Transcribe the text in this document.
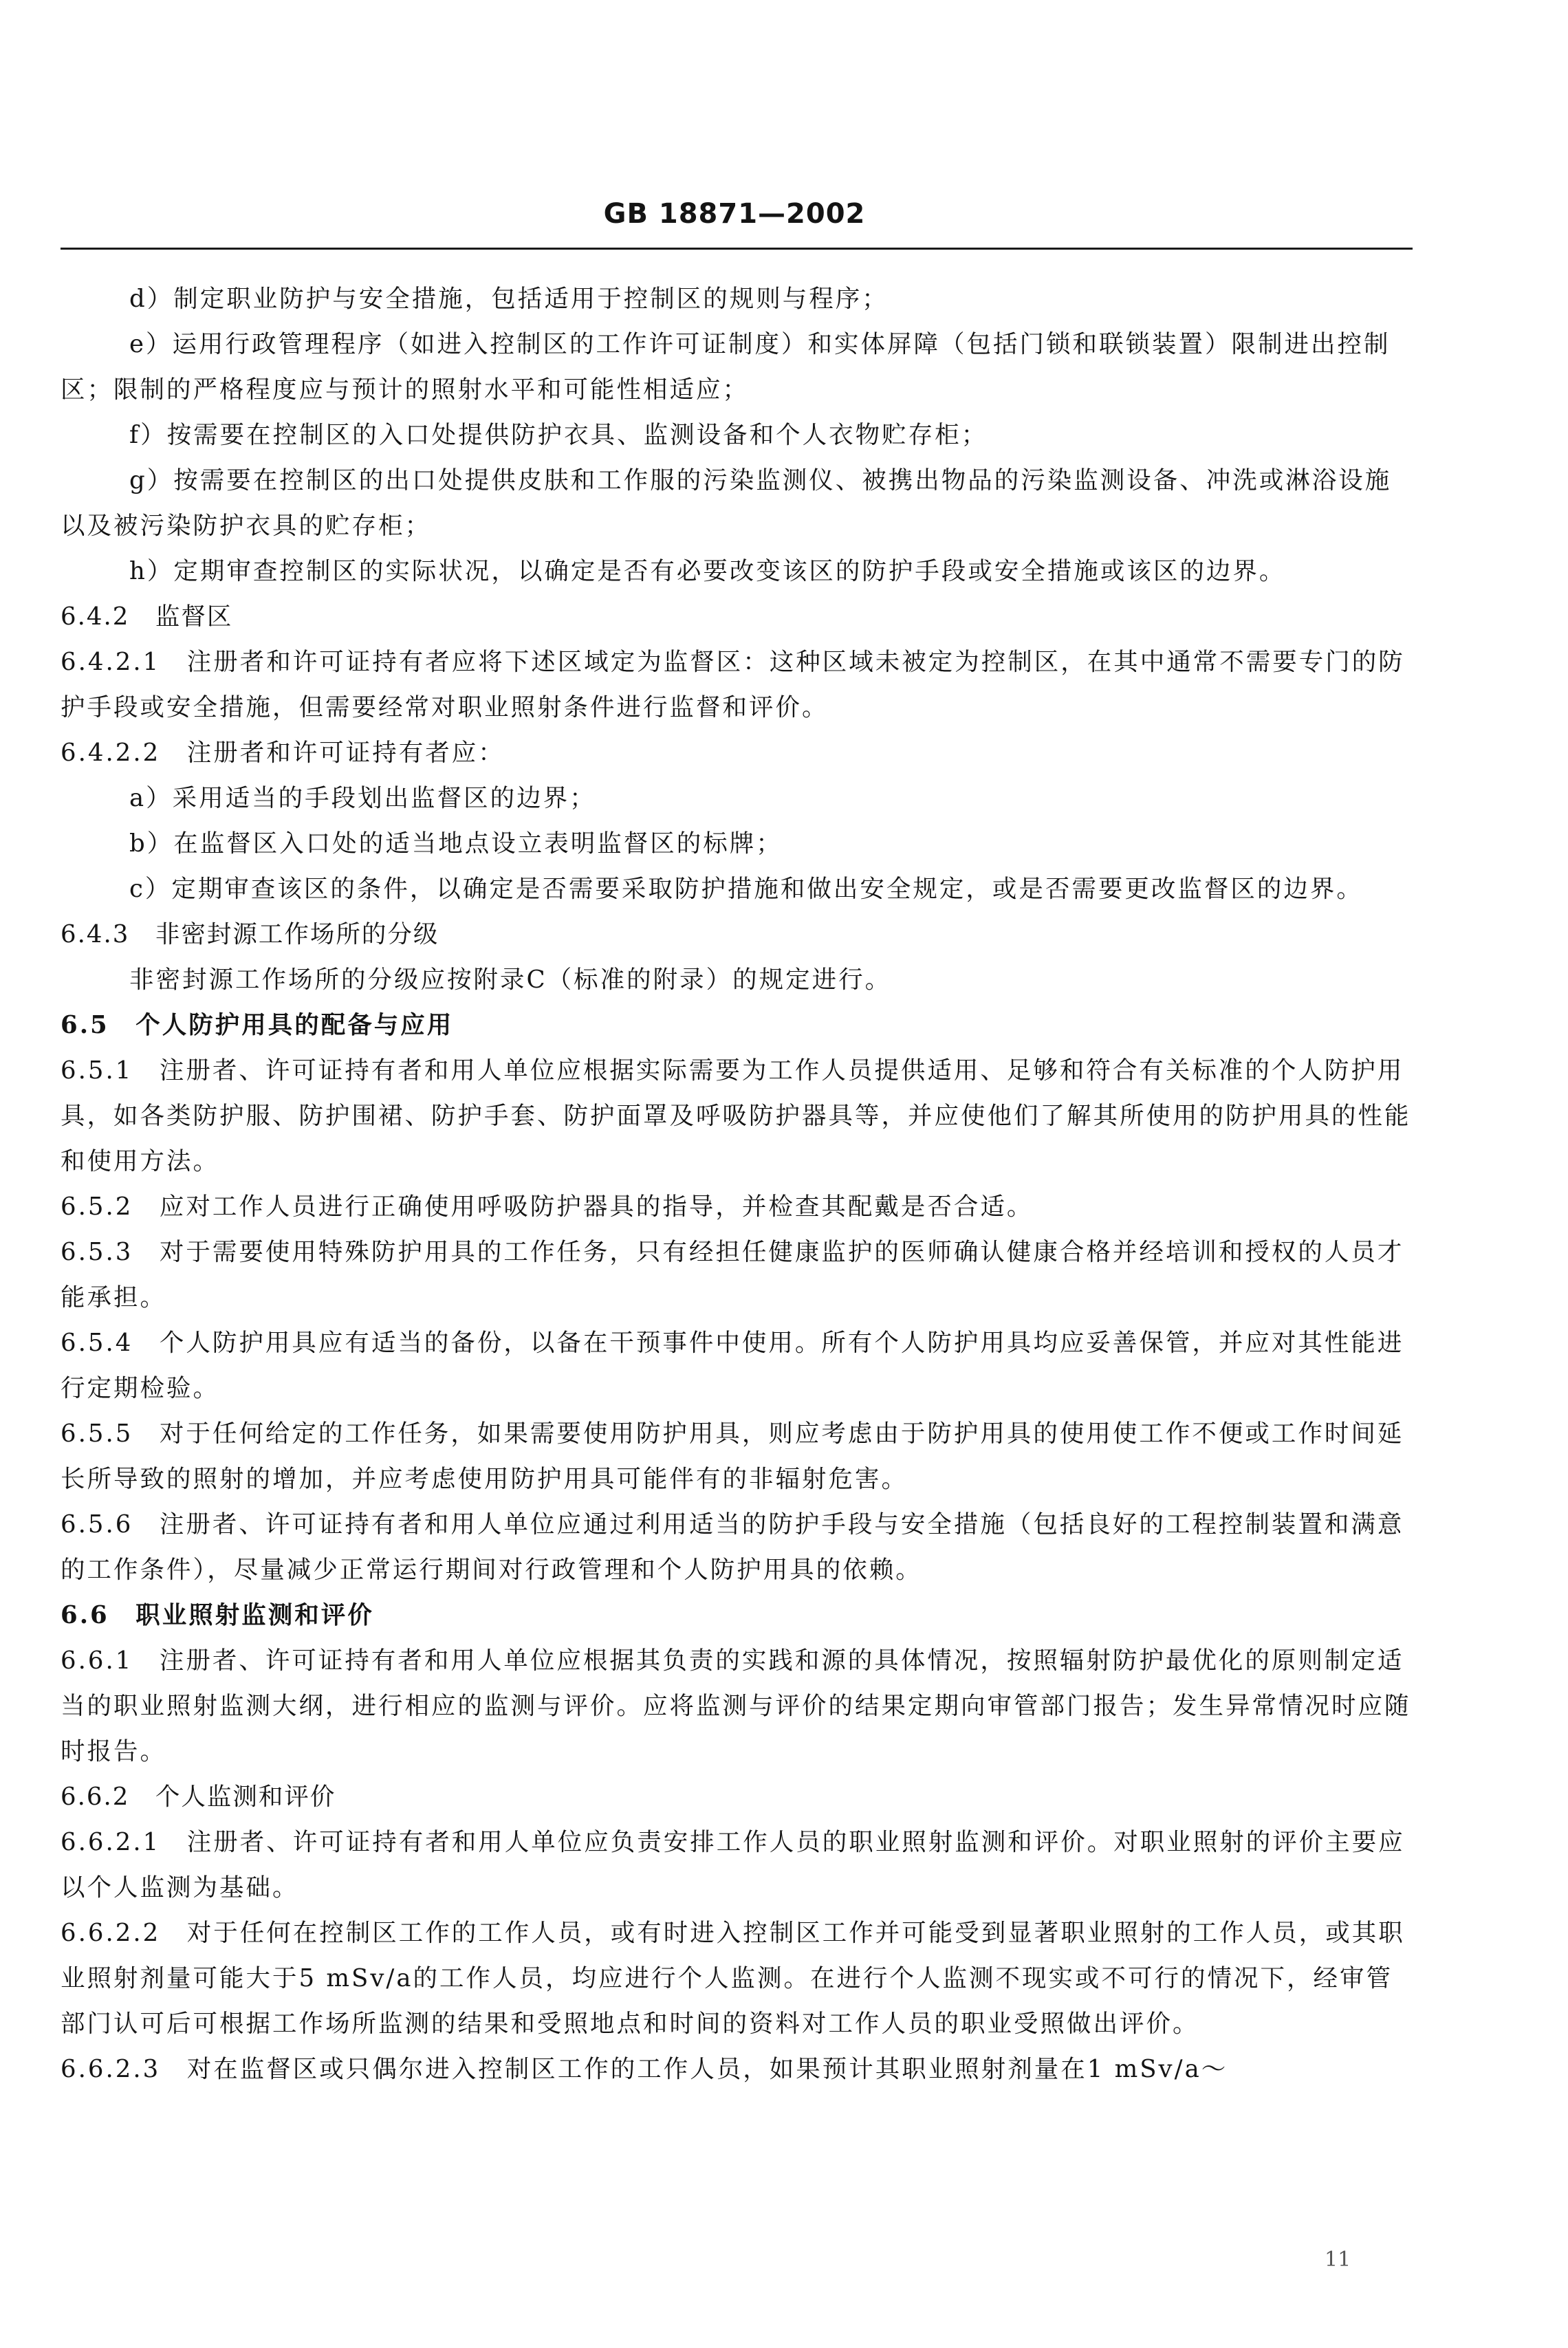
GB 18871—2002

d）制定职业防护与安全措施，包括适用于控制区的规则与程序；

e）运用行政管理程序（如进入控制区的工作许可证制度）和实体屏障（包括门锁和联锁装置）限制进出控制区；限制的严格程度应与预计的照射水平和可能性相适应；

f）按需要在控制区的入口处提供防护衣具、监测设备和个人衣物贮存柜；

g）按需要在控制区的出口处提供皮肤和工作服的污染监测仪、被携出物品的污染监测设备、冲洗或淋浴设施以及被污染防护衣具的贮存柜；

h）定期审查控制区的实际状况，以确定是否有必要改变该区的防护手段或安全措施或该区的边界。

6.4.2　监督区

6.4.2.1　注册者和许可证持有者应将下述区域定为监督区：这种区域未被定为控制区，在其中通常不需要专门的防护手段或安全措施，但需要经常对职业照射条件进行监督和评价。

6.4.2.2　注册者和许可证持有者应：

a）采用适当的手段划出监督区的边界；

b）在监督区入口处的适当地点设立表明监督区的标牌；

c）定期审查该区的条件，以确定是否需要采取防护措施和做出安全规定，或是否需要更改监督区的边界。

6.4.3　非密封源工作场所的分级

非密封源工作场所的分级应按附录C（标准的附录）的规定进行。

6.5　个人防护用具的配备与应用

6.5.1　注册者、许可证持有者和用人单位应根据实际需要为工作人员提供适用、足够和符合有关标准的个人防护用具，如各类防护服、防护围裙、防护手套、防护面罩及呼吸防护器具等，并应使他们了解其所使用的防护用具的性能和使用方法。

6.5.2　应对工作人员进行正确使用呼吸防护器具的指导，并检查其配戴是否合适。

6.5.3　对于需要使用特殊防护用具的工作任务，只有经担任健康监护的医师确认健康合格并经培训和授权的人员才能承担。

6.5.4　个人防护用具应有适当的备份，以备在干预事件中使用。所有个人防护用具均应妥善保管，并应对其性能进行定期检验。

6.5.5　对于任何给定的工作任务，如果需要使用防护用具，则应考虑由于防护用具的使用使工作不便或工作时间延长所导致的照射的增加，并应考虑使用防护用具可能伴有的非辐射危害。

6.5.6　注册者、许可证持有者和用人单位应通过利用适当的防护手段与安全措施（包括良好的工程控制装置和满意的工作条件），尽量减少正常运行期间对行政管理和个人防护用具的依赖。

6.6　职业照射监测和评价

6.6.1　注册者、许可证持有者和用人单位应根据其负责的实践和源的具体情况，按照辐射防护最优化的原则制定适当的职业照射监测大纲，进行相应的监测与评价。应将监测与评价的结果定期向审管部门报告；发生异常情况时应随时报告。

6.6.2　个人监测和评价

6.6.2.1　注册者、许可证持有者和用人单位应负责安排工作人员的职业照射监测和评价。对职业照射的评价主要应以个人监测为基础。

6.6.2.2　对于任何在控制区工作的工作人员，或有时进入控制区工作并可能受到显著职业照射的工作人员，或其职业照射剂量可能大于5 mSv/a的工作人员，均应进行个人监测。在进行个人监测不现实或不可行的情况下，经审管部门认可后可根据工作场所监测的结果和受照地点和时间的资料对工作人员的职业受照做出评价。

6.6.2.3　对在监督区或只偶尔进入控制区工作的工作人员，如果预计其职业照射剂量在1 mSv/a～

11
